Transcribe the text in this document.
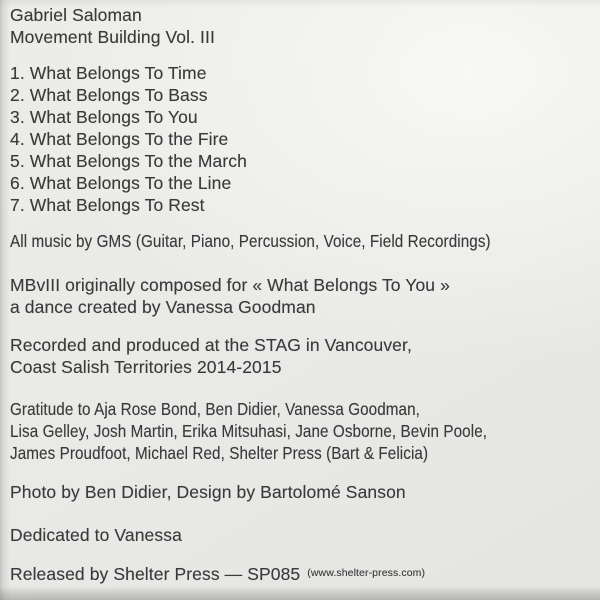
Gabriel Saloman
Movement Building Vol. III
1. What Belongs To Time
2. What Belongs To Bass
3. What Belongs To You
4. What Belongs To the Fire
5. What Belongs To the March
6. What Belongs To the Line
7. What Belongs To Rest
All music by GMS (Guitar, Piano, Percussion, Voice, Field Recordings)
MBvIII originally composed for « What Belongs To You »
a dance created by Vanessa Goodman
Recorded and produced at the STAG in Vancouver,
Coast Salish Territories 2014-2015
Gratitude to Aja Rose Bond, Ben Didier, Vanessa Goodman,
Lisa Gelley, Josh Martin, Erika Mitsuhasi, Jane Osborne, Bevin Poole,
James Proudfoot, Michael Red, Shelter Press (Bart & Felicia)
Photo by Ben Didier, Design by Bartolomé Sanson
Dedicated to Vanessa
Released by Shelter Press — SP085 $^{(www.shelter-press.com)}$
